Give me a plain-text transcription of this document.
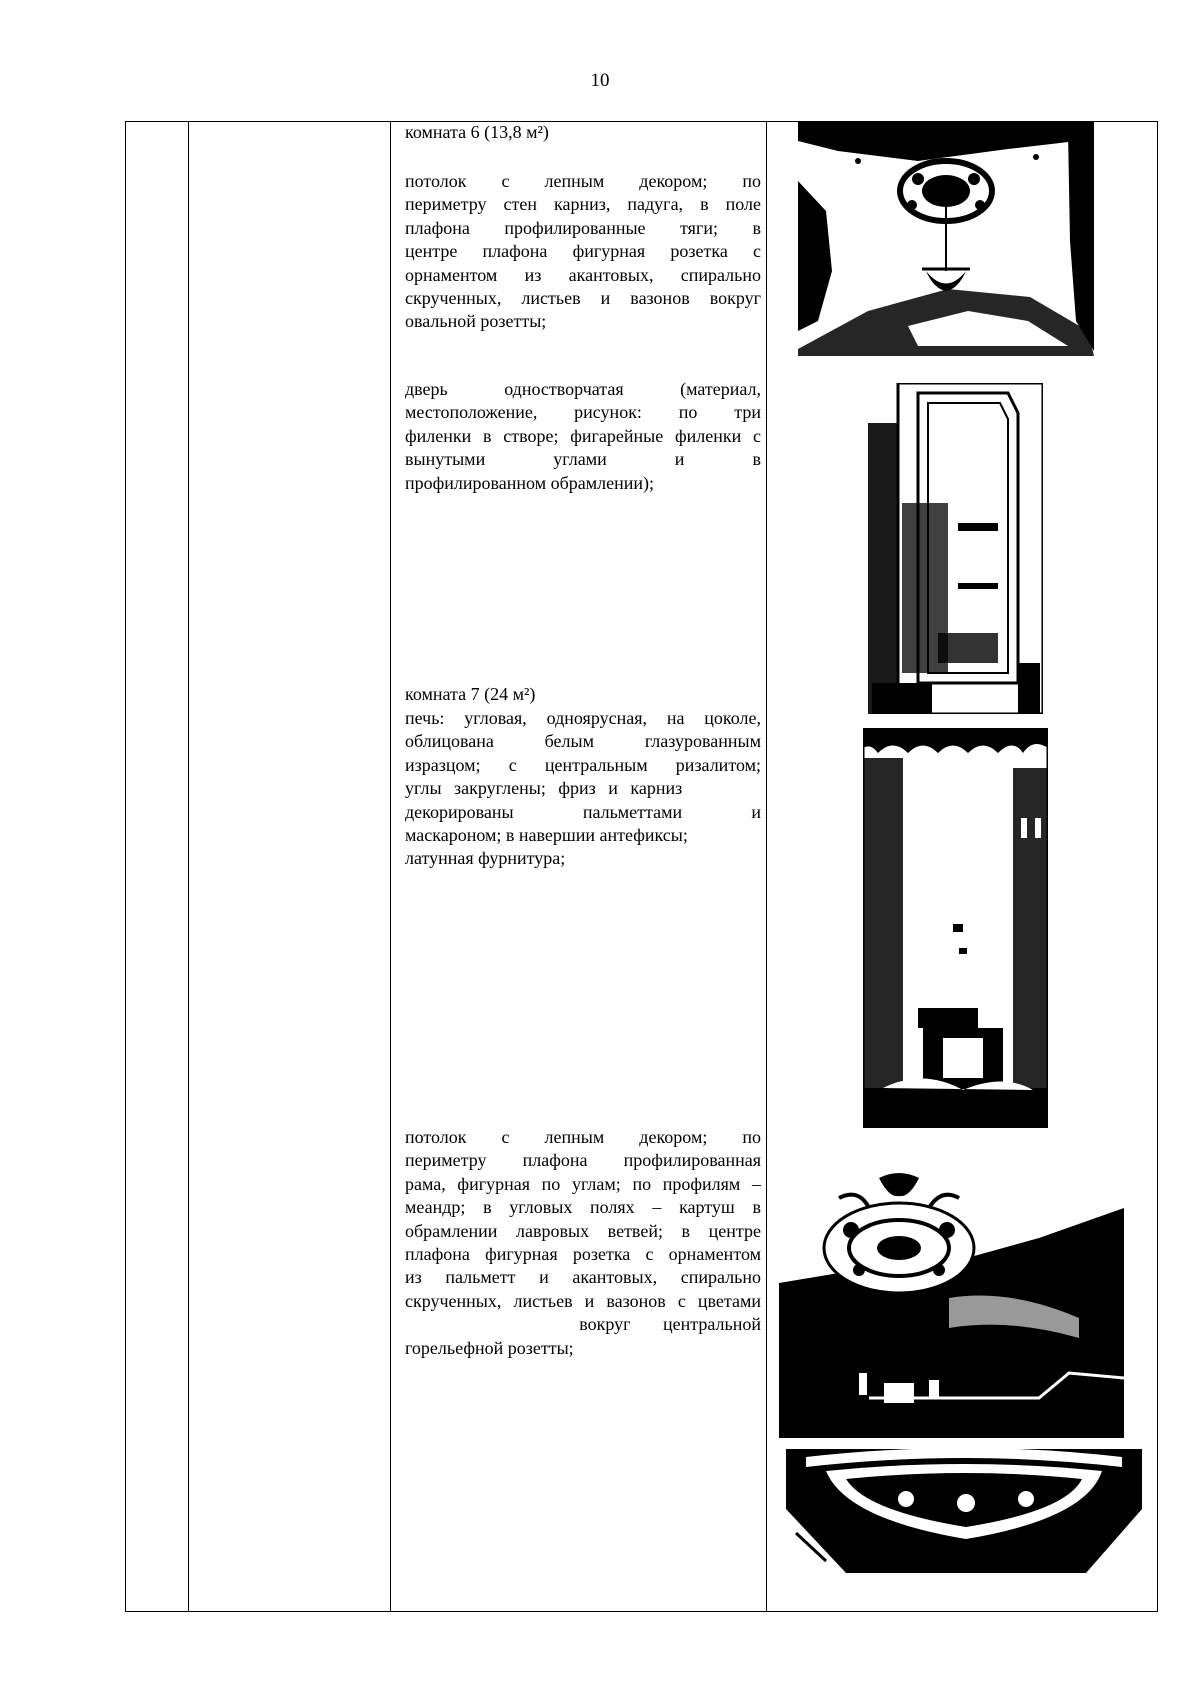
10
комната 6 (13,8 м²)
потолок с лепным декором; по
периметру стен карниз, падуга, в поле
плафона профилированные тяги; в
центре плафона фигурная розетка с
орнаментом из акантовых, спирально
скрученных, листьев и вазонов вокруг
овальной розетты;
дверь одностворчатая (материал,
местоположение, рисунок: по три
филенки в створе; фигарейные филенки с
вынутыми углами и в
профилированном обрамлении);
комната 7 (24 м²)
печь: угловая, одноярусная, на цоколе,
облицована белым глазурованным
изразцом; с центральным ризалитом;
углы закруглены; фриз и карниз
декорированы пальметтами и
маскароном; в навершии антефиксы;
латунная фурнитура;
потолок с лепным декором; по
периметру плафона профилированная
рама, фигурная по углам; по профилям –
меандр; в угловых полях – картуш в
обрамлении лавровых ветвей; в центре
плафона фигурная розетка с орнаментом
из пальметт и акантовых, спирально
скрученных, листьев и вазонов с цветами
вокруг центральной
горельефной розетты;
